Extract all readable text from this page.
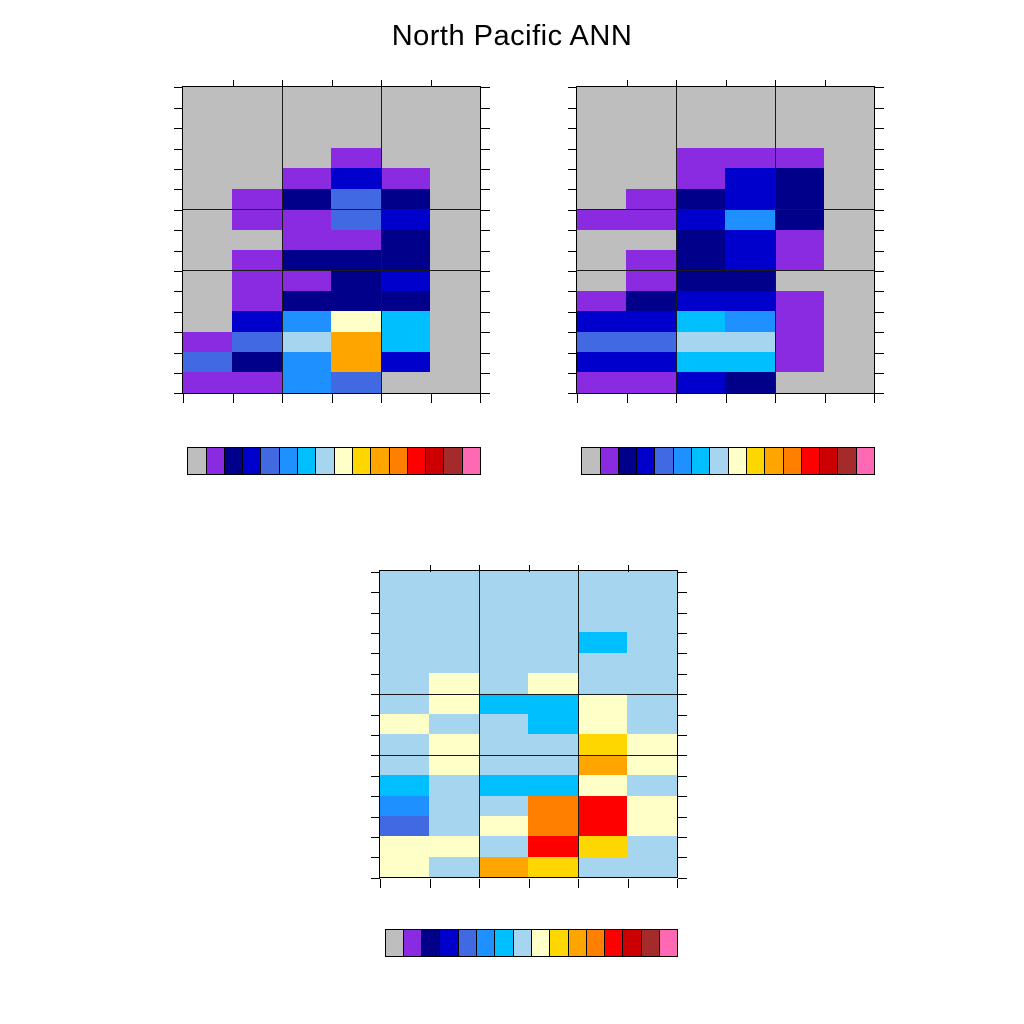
North Pacific ANN
